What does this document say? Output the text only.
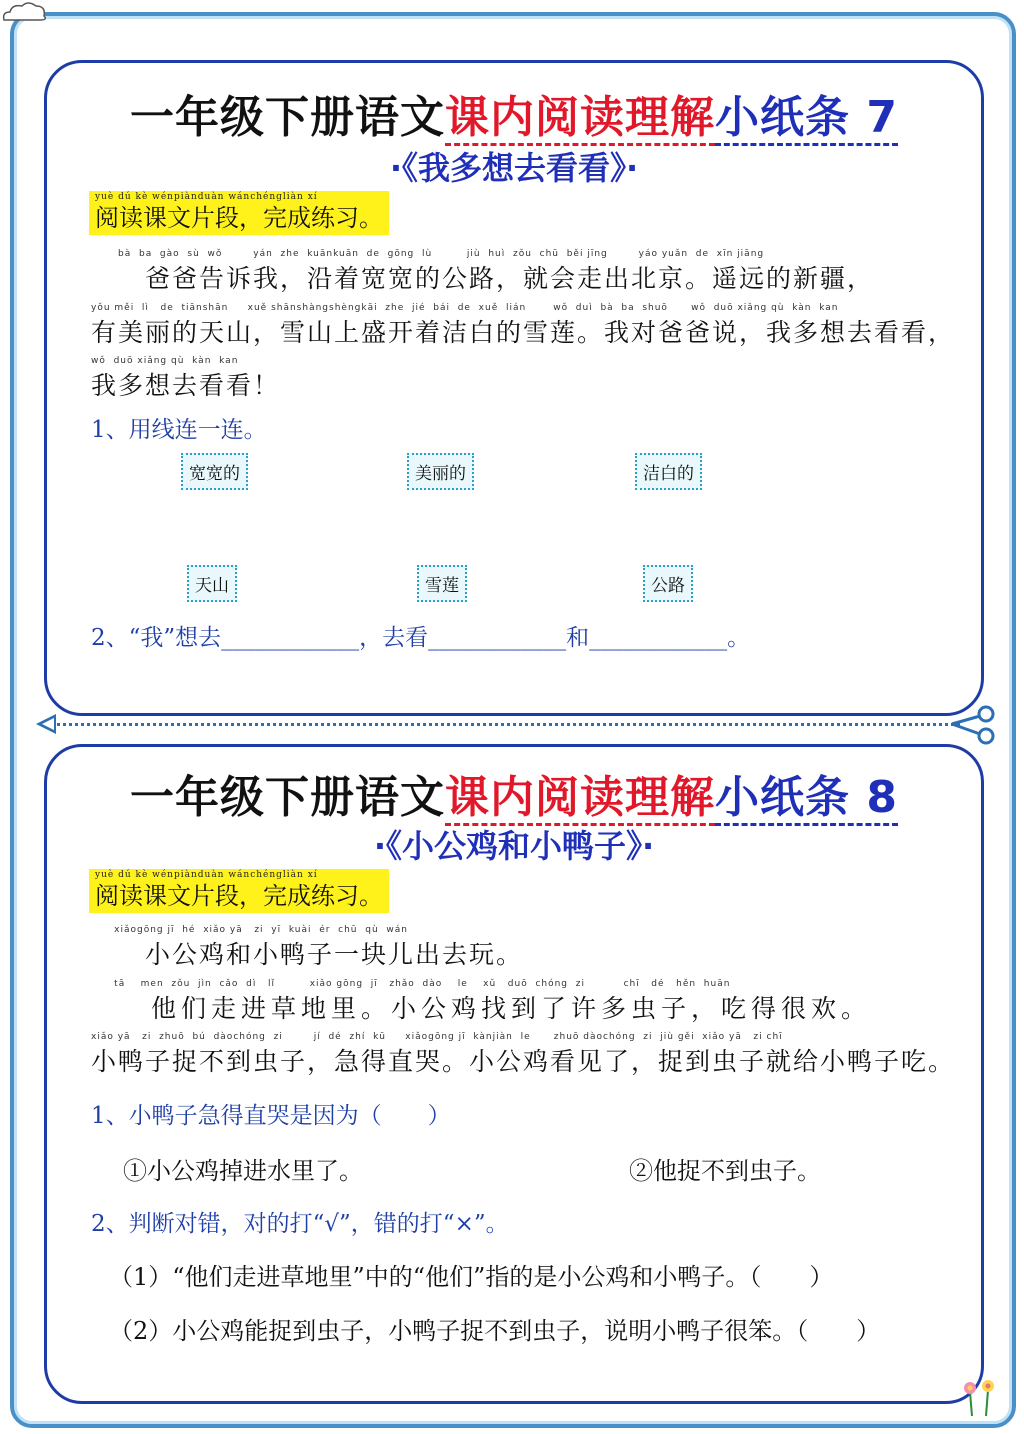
一年级下册语文课内阅读理解小纸条 7
·《我多想去看看》·
yuè dú kè wénpiànduàn wánchéngliàn xí
阅读课文片段，完成练习。
bà  ba  gào  sù  wǒ        yán  zhe  kuānkuān  de  gōng  lù         jiù  huì  zǒu  chū  běi jīng        yáo yuǎn  de  xīn jiāng
　　爸爸告诉我，沿着宽宽的公路，就会走出北京。遥远的新疆，
yǒu měi  lì   de  tiānshān     xuě shānshàngshèngkāi  zhe  jié  bái  de  xuě  lián       wǒ  duì  bà  ba  shuō      wǒ  duō xiǎng qù  kàn  kan
有美丽的天山，雪山上盛开着洁白的雪莲。我对爸爸说，我多想去看看，
wǒ  duō xiǎng qù  kàn  kan
我多想去看看！
1、用线连一连。
宽宽的	美丽的	洁白的
天山	雪莲	公路
2、“我”想去____________，去看____________和____________。
一年级下册语文课内阅读理解小纸条 8
·《小公鸡和小鸭子》·
yuè dú kè wénpiànduàn wánchéngliàn xí
阅读课文片段，完成练习。
xiǎogōng jī  hé  xiǎo yā   zi  yī  kuài  ér  chū  qù  wán
　　小公鸡和小鸭子一块儿出去玩。
tā    men  zǒu  jìn  cǎo  dì   lǐ         xiǎo gōng  jī   zhǎo  dào    le    xǔ   duō  chóng  zi          chī   dé   hěn  huān
　　他们走进草地里。小公鸡找到了许多虫子，吃得很欢。
xiǎo yā   zi  zhuō  bú  dàochóng  zi        jí  dé  zhí  kū     xiǎogōng jī  kànjiàn  le      zhuō dàochóng  zi  jiù gěi  xiǎo yā   zi chī
小鸭子捉不到虫子，急得直哭。小公鸡看见了，捉到虫子就给小鸭子吃。
1、小鸭子急得直哭是因为（　　）
①小公鸡掉进水里了。	②他捉不到虫子。
2、判断对错，对的打“√”，错的打“×”。
（1）“他们走进草地里”中的“他们”指的是小公鸡和小鸭子。（　　）
（2）小公鸡能捉到虫子，小鸭子捉不到虫子，说明小鸭子很笨。（　　）
